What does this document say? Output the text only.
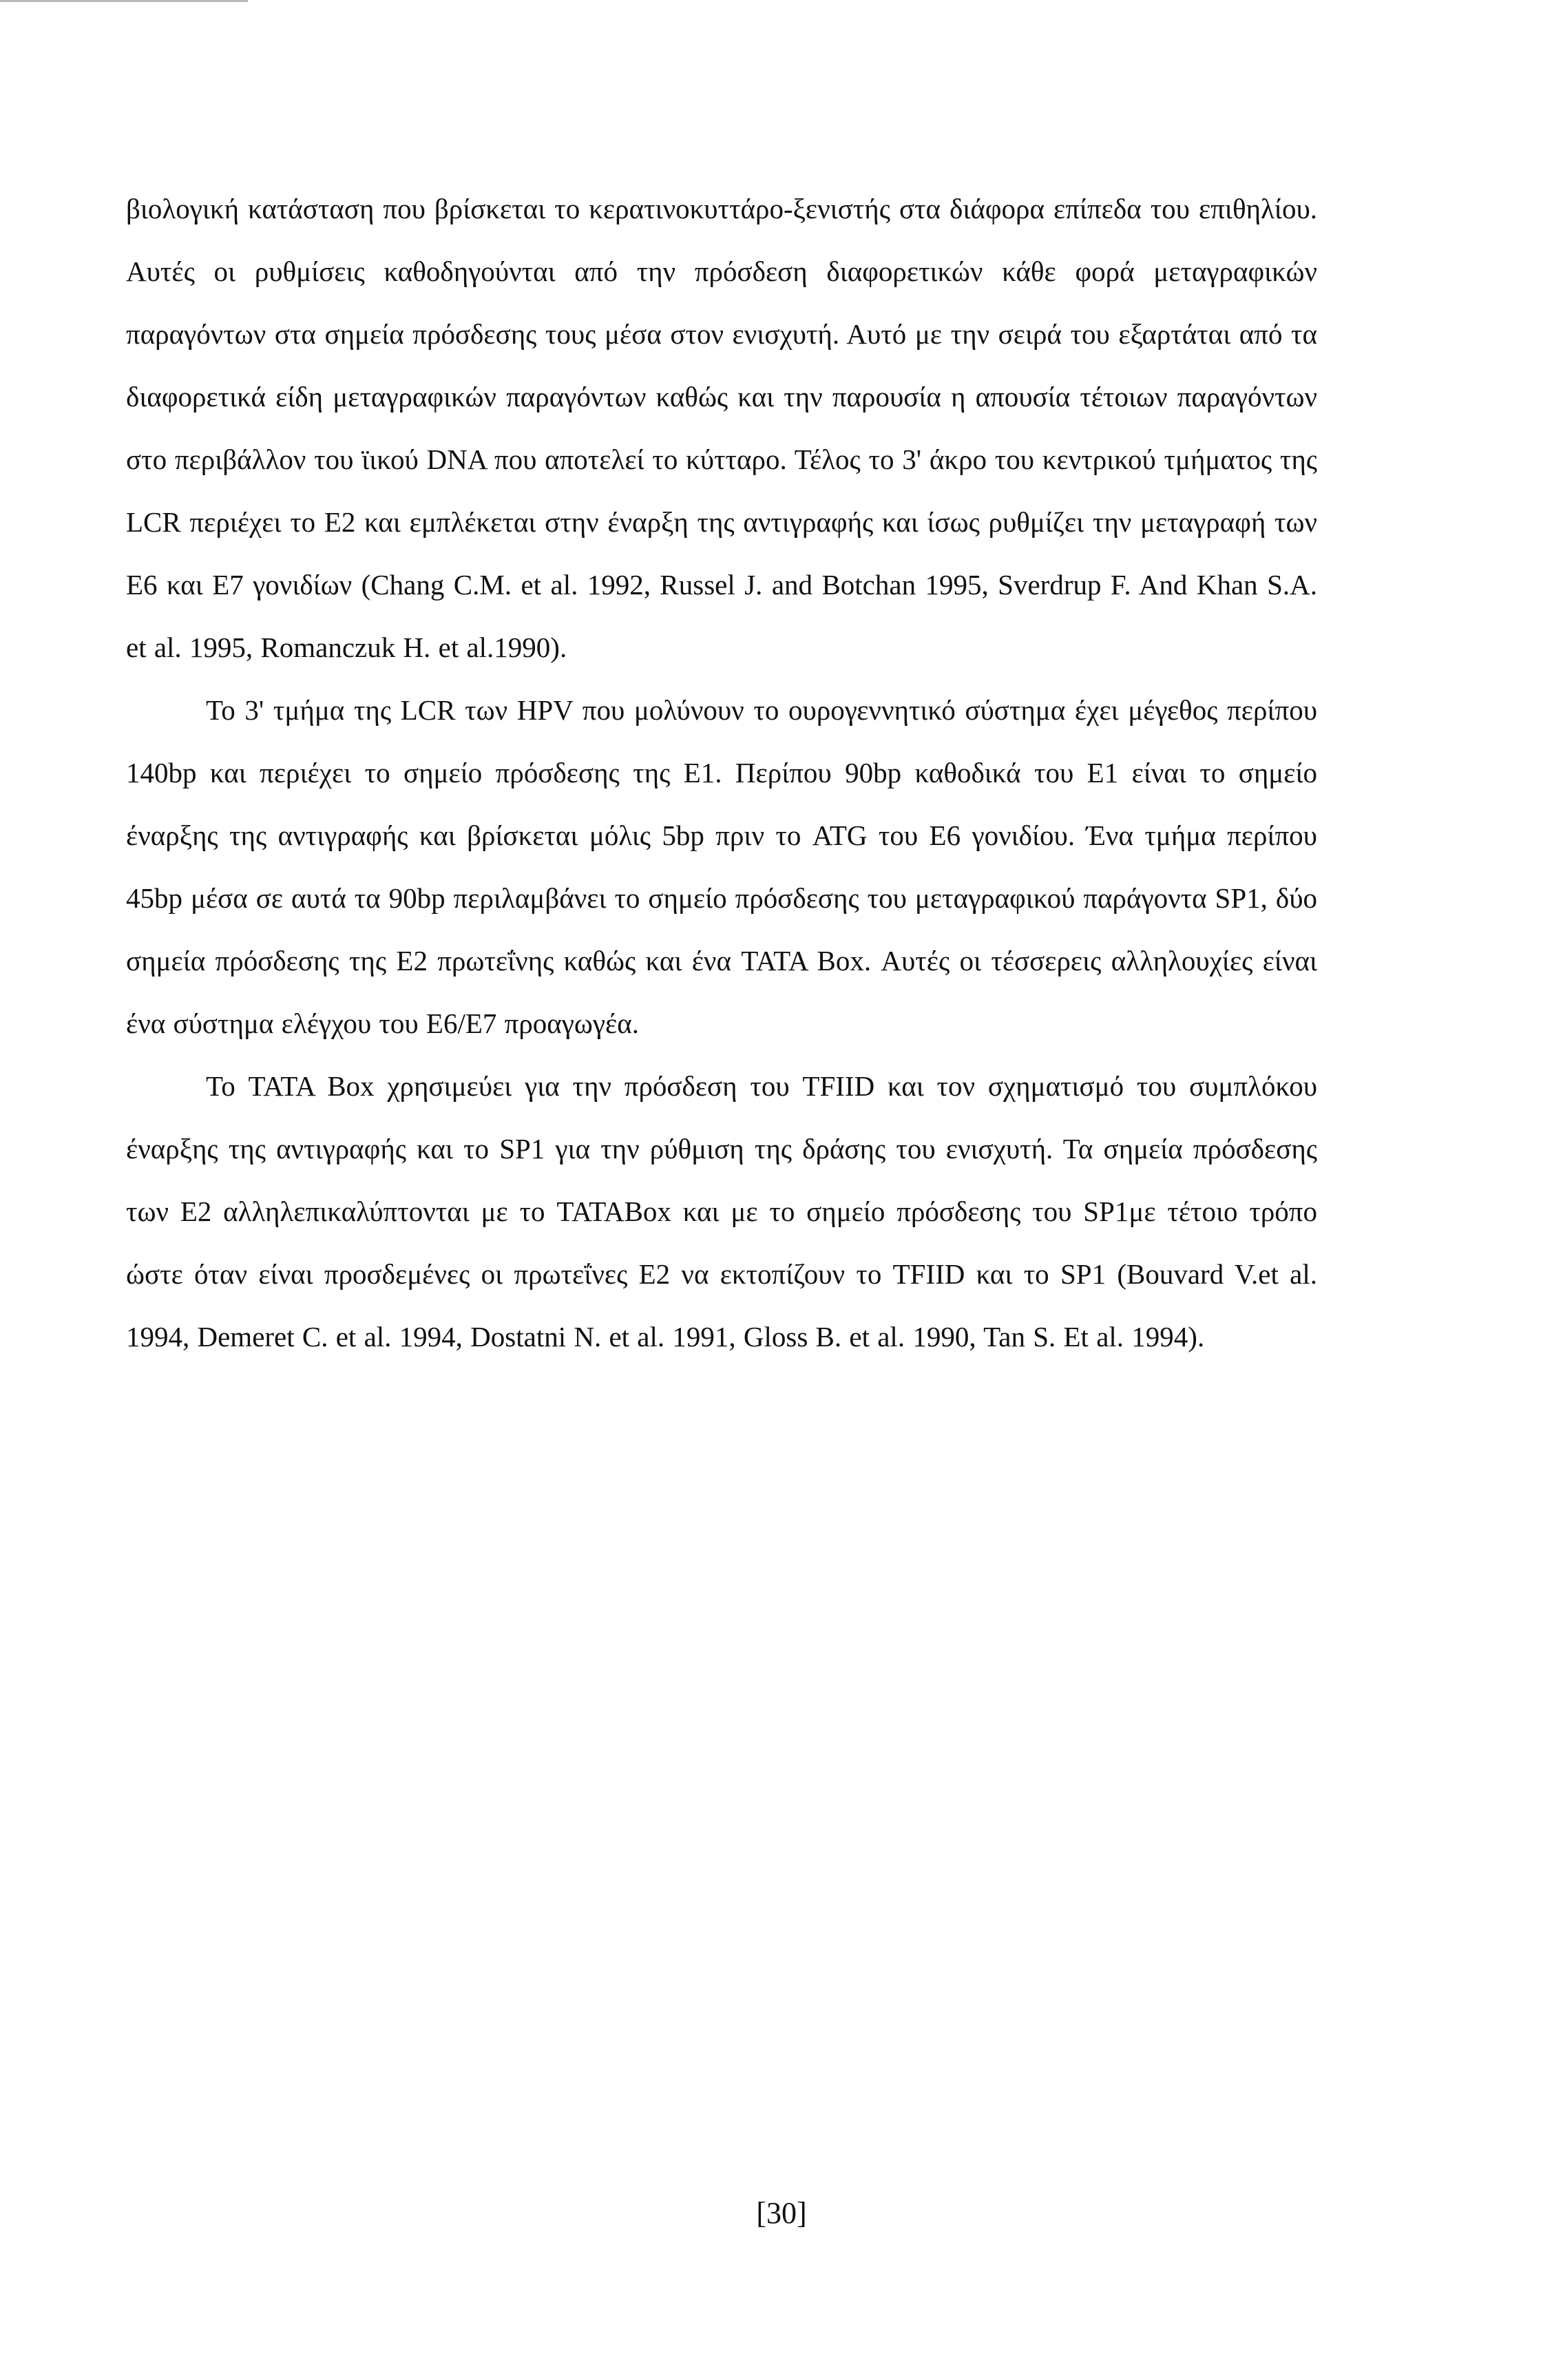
βιολογική κατάσταση που βρίσκεται το κερατινοκυττάρο-ξενιστής στα διάφορα επίπεδα του επιθηλίου. Αυτές οι ρυθμίσεις καθοδηγούνται από την πρόσδεση διαφορετικών κάθε φορά μεταγραφικών παραγόντων στα σημεία πρόσδεσης τους μέσα στον ενισχυτή. Αυτό με την σειρά του εξαρτάται από τα διαφορετικά είδη μεταγραφικών παραγόντων καθώς και την παρουσία η απουσία τέτοιων παραγόντων στο περιβάλλον του ϊικού DNA που αποτελεί το κύτταρο. Τέλος το 3' άκρο του κεντρικού τμήματος της LCR περιέχει το Ε2 και εμπλέκεται στην έναρξη της αντιγραφής και ίσως ρυθμίζει την μεταγραφή των Ε6 και Ε7 γονιδίων (Chang C.M. et al. 1992, Russel J. and Botchan 1995, Sverdrup F. And Khan S.A. et al. 1995, Romanczuk H. et al.1990).

Το 3' τμήμα της LCR των HPV που μολύνουν το ουρογεννητικό σύστημα έχει μέγεθος περίπου 140bp και περιέχει το σημείο πρόσδεσης της Ε1. Περίπου 90bp καθοδικά του Ε1 είναι το σημείο έναρξης της αντιγραφής και βρίσκεται μόλις 5bp πριν το ATG του Ε6 γονιδίου. Ένα τμήμα περίπου 45bp μέσα σε αυτά τα 90bp περιλαμβάνει το σημείο πρόσδεσης του μεταγραφικού παράγοντα SP1, δύο σημεία πρόσδεσης της Ε2 πρωτεΐνης καθώς και ένα TATA Box. Αυτές οι τέσσερεις αλληλουχίες είναι ένα σύστημα ελέγχου του Ε6/Ε7 προαγωγέα.

Το TATA Box χρησιμεύει για την πρόσδεση του TFIID και τον σχηματισμό του συμπλόκου έναρξης της αντιγραφής και το SP1 για την ρύθμιση της δράσης του ενισχυτή. Τα σημεία πρόσδεσης των Ε2 αλληλεπικαλύπτονται με το TATABox και με το σημείο πρόσδεσης του SP1με τέτοιο τρόπο ώστε όταν είναι προσδεμένες οι πρωτεΐνες Ε2 να εκτοπίζουν το TFIID και το SP1 (Bouvard V.et al. 1994, Demeret C. et al. 1994, Dostatni N. et al. 1991, Gloss B. et al. 1990, Tan S. Et al. 1994).

[30]
